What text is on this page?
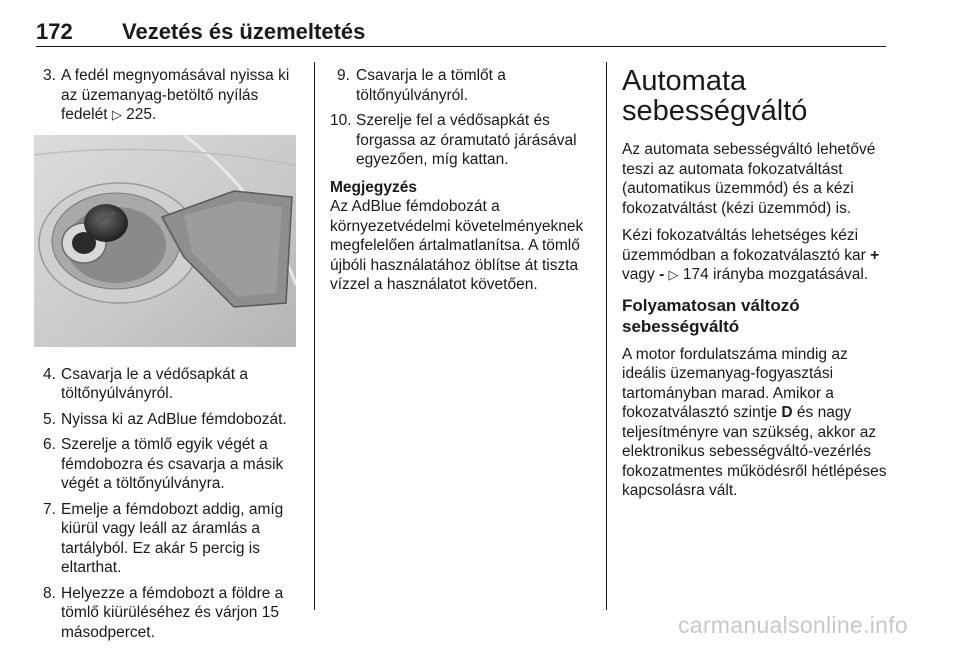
172 Vezetés és üzemeltetés
3. A fedél megnyomásával nyissa ki az üzemanyag-betöltő nyílás fedelét ▷ 225.
4. Csavarja le a védősapkát a töltőnyúlványról.
5. Nyissa ki az AdBlue fémdobozát.
6. Szerelje a tömlő egyik végét a fémdobozra és csavarja a másik végét a töltőnyúlványra.
7. Emelje a fémdobozt addig, amíg kiürül vagy leáll az áramlás a tartályból. Ez akár 5 percig is eltarthat.
8. Helyezze a fémdobozt a földre a tömlő kiürüléséhez és várjon 15 másodpercet.
9. Csavarja le a tömlőt a töltőnyúlványról.
10. Szerelje fel a védősapkát és forgassa az óramutató járásával egyezően, míg kattan.
Megjegyzés
Az AdBlue fémdobozát a környezetvédelmi követelményeknek megfelelően ártalmatlanítsa. A tömlő újbóli használatához öblítse át tiszta vízzel a használatot követően.
Automata sebességváltó
Az automata sebességváltó lehetővé teszi az automata fokozatváltást (automatikus üzemmód) és a kézi fokozatváltást (kézi üzemmód) is.
Kézi fokozatváltás lehetséges kézi üzemmódban a fokozatválasztó kar + vagy - ▷ 174 irányba mozgatásával.
Folyamatosan változó sebességváltó
A motor fordulatszáma mindig az ideális üzemanyag-fogyasztási tartományban marad. Amikor a fokozatválasztó szintje D és nagy teljesítményre van szükség, akkor az elektronikus sebességváltó-vezérlés fokozatmentes működésről hétlépéses kapcsolásra vált.
carmanualsonline.info
